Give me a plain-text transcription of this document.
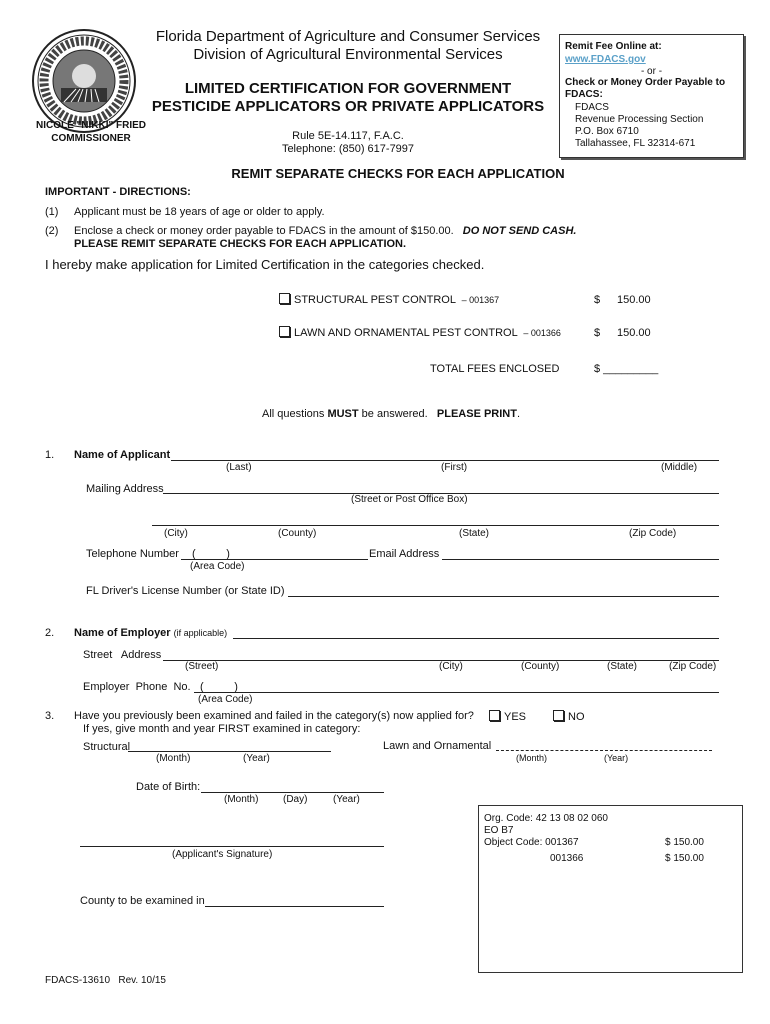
NICOLE "NIKKI" FRIED
COMMISSIONER
Florida Department of Agriculture and Consumer Services
Division of Agricultural Environmental Services
LIMITED CERTIFICATION FOR GOVERNMENT
PESTICIDE APPLICATORS OR PRIVATE APPLICATORS
Rule 5E-14.117, F.A.C.
Telephone: (850) 617-7997
Remit Fee Online at:
www.FDACS.gov
- or -
Check or Money Order Payable to
FDACS:
FDACS
Revenue Processing Section
P.O. Box 6710
Tallahassee, FL 32314-671
REMIT SEPARATE CHECKS FOR EACH APPLICATION
IMPORTANT - DIRECTIONS:
(1) Applicant must be 18 years of age or older to apply.
(2) Enclose a check or money order payable to FDACS in the amount of $150.00. DO NOT SEND CASH.
PLEASE REMIT SEPARATE CHECKS FOR EACH APPLICATION.
I hereby make application for Limited Certification in the categories checked.
STRUCTURAL PEST CONTROL – 001367	$ 150.00
LAWN AND ORNAMENTAL PEST CONTROL – 001366	$ 150.00
TOTAL FEES ENCLOSED	$ _________
All questions MUST be answered.   PLEASE PRINT.
1. Name of Applicant
(Last)	(First)	(Middle)
Mailing Address
(Street or Post Office Box)
(City)	(County)	(State)	(Zip Code)
Telephone Number (          )	Email Address
(Area Code)
FL Driver's License Number (or State ID)
2. Name of Employer (if applicable)
Street   Address
(Street)	(City)	(County)	(State)	(Zip Code)
Employer  Phone  No. (          )
(Area Code)
3. Have you previously been examined and failed in the category(s) now applied for?	YES	NO
If yes, give month and year FIRST examined in category:
Structural
(Month)	(Year)
Lawn and Ornamental
(Month)	(Year)
Date of Birth:
(Month) (Day)	(Year)
(Applicant's Signature)
County to be examined in
Org. Code: 42 13 08 02 060
EO B7
Object Code: 001367	$ 150.00
001366	$ 150.00
FDACS-13610   Rev. 10/15
